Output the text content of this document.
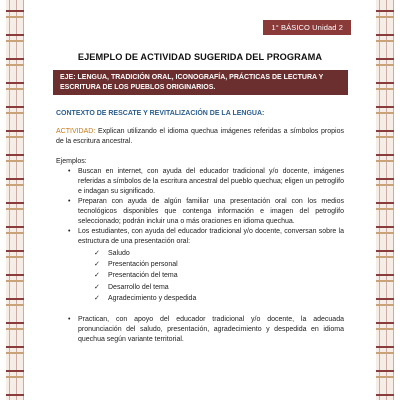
1° BÁSICO Unidad 2
EJEMPLO DE ACTIVIDAD SUGERIDA DEL PROGRAMA
EJE: LENGUA, TRADICIÓN ORAL, ICONOGRAFÍA, PRÁCTICAS DE LECTURA Y ESCRITURA DE LOS PUEBLOS ORIGINARIOS.
CONTEXTO DE RESCATE Y REVITALIZACIÓN DE LA LENGUA:
ACTIVIDAD: Explican utilizando el idioma quechua imágenes referidas a símbolos propios de la escritura ancestral.
Ejemplos:
• Buscan en internet, con ayuda del educador tradicional y/o docente, imágenes referidas a símbolos de la escritura ancestral del pueblo quechua; eligen un petroglifo e indagan su significado.
• Preparan con ayuda de algún familiar una presentación oral con los medios tecnológicos disponibles que contenga información e imagen del petroglifo seleccionado; podrán incluir una o más oraciones en idioma quechua.
• Los estudiantes, con ayuda del educador tradicional y/o docente, conversan sobre la estructura de una presentación oral:
✓ Saludo
✓ Presentación personal
✓ Presentación del tema
✓ Desarrollo del tema
✓ Agradecimiento y despedida
• Practican, con apoyo del educador tradicional y/o docente, la adecuada pronunciación del saludo, presentación, agradecimiento y despedida en idioma quechua según variante territorial.
